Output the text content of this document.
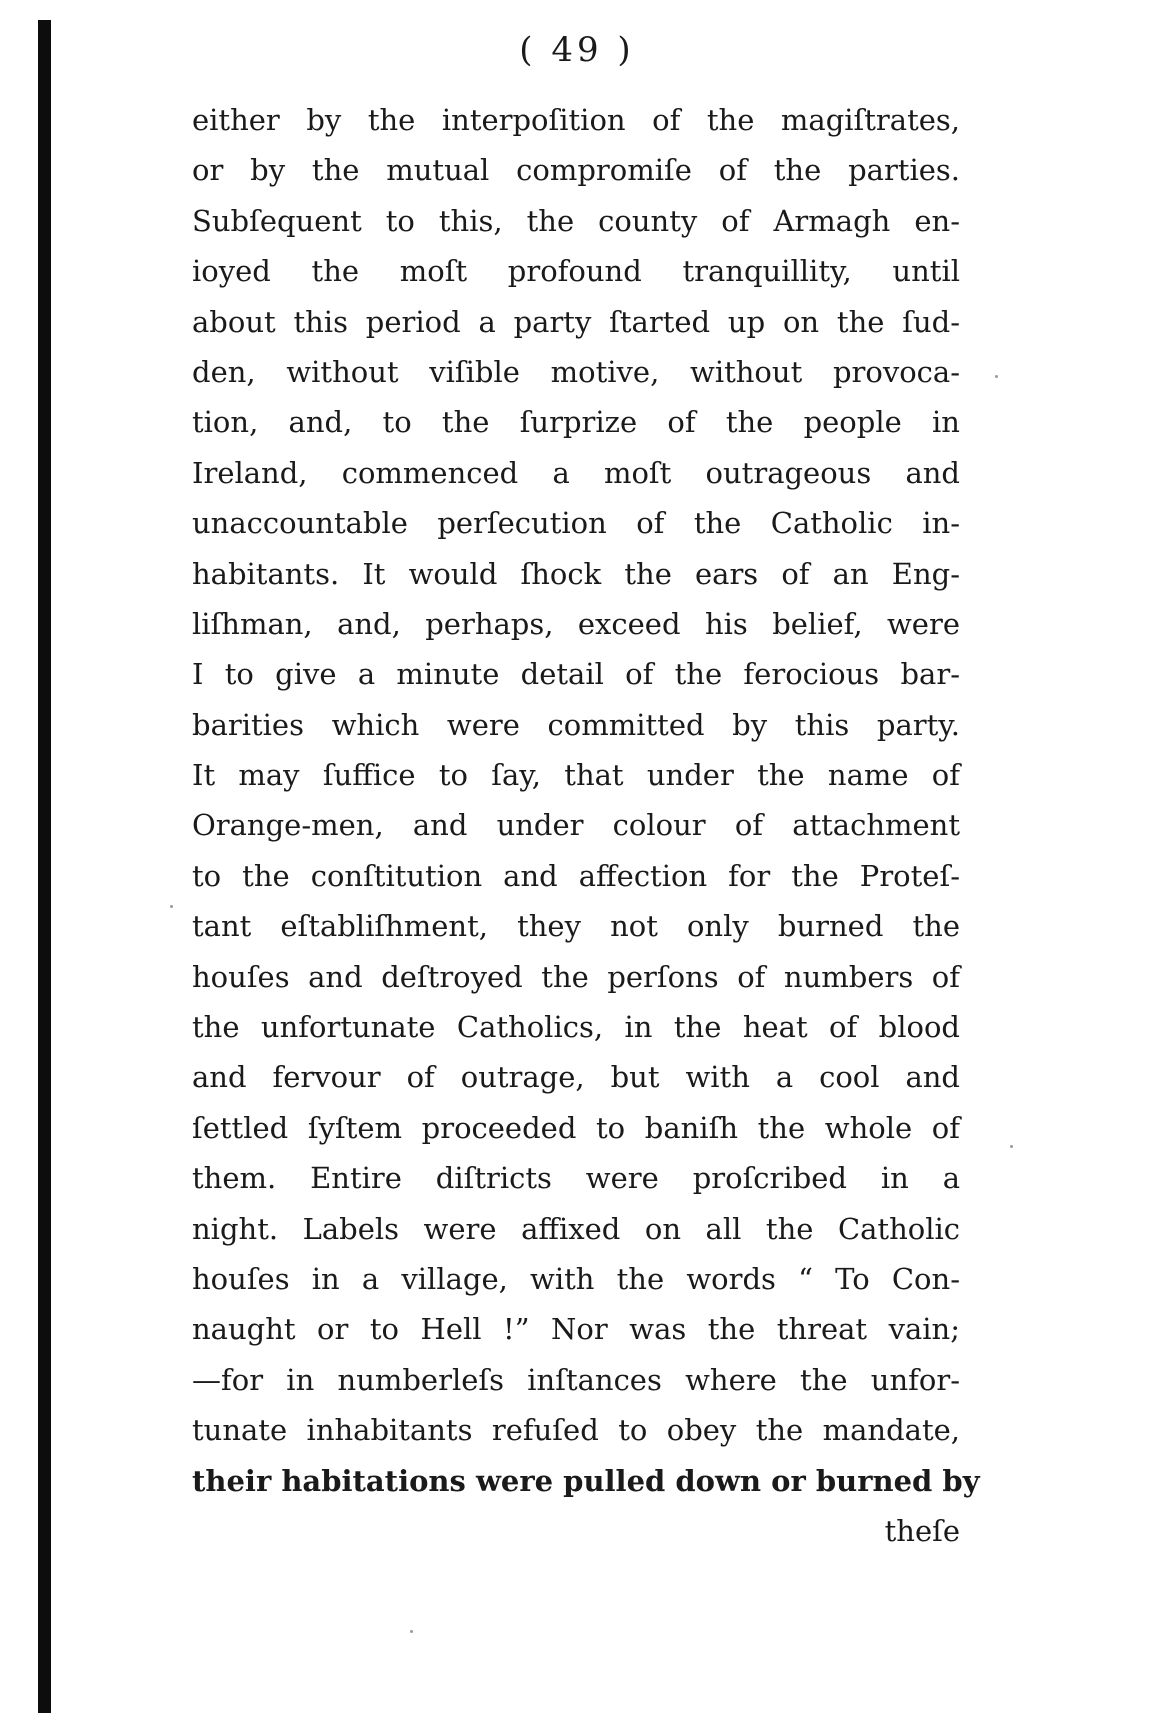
( 49 )
either by the interpoſition of the magiſtrates,
or by the mutual compromiſe of the parties.
Subſequent to this, the county of Armagh en-
ioyed the moſt profound tranquillity, until
about this period a party ſtarted up on the ſud-
den, without viſible motive, without provoca-
tion, and, to the ſurprize of the people in
Ireland, commenced a moſt outrageous and
unaccountable perſecution of the Catholic in-
habitants. It would ſhock the ears of an Eng-
liſhman, and, perhaps, exceed his belief, were
I to give a minute detail of the ferocious bar-
barities which were committed by this party.
It may ſuffice to ſay, that under the name of
Orange-men, and under colour of attachment
to the conſtitution and affection for the Proteſ-
tant eſtabliſhment, they not only burned the
houſes and deſtroyed the perſons of numbers of
the unfortunate Catholics, in the heat of blood
and fervour of outrage, but with a cool and
ſettled ſyſtem proceeded to baniſh the whole of
them. Entire diſtricts were proſcribed in a
night. Labels were affixed on all the Catholic
houſes in a village, with the words “ To Con-
naught or to Hell !” Nor was the threat vain;
—for in numberleſs inſtances where the unfor-
tunate inhabitants refuſed to obey the mandate,
their habitations were pulled down or burned by
theſe
